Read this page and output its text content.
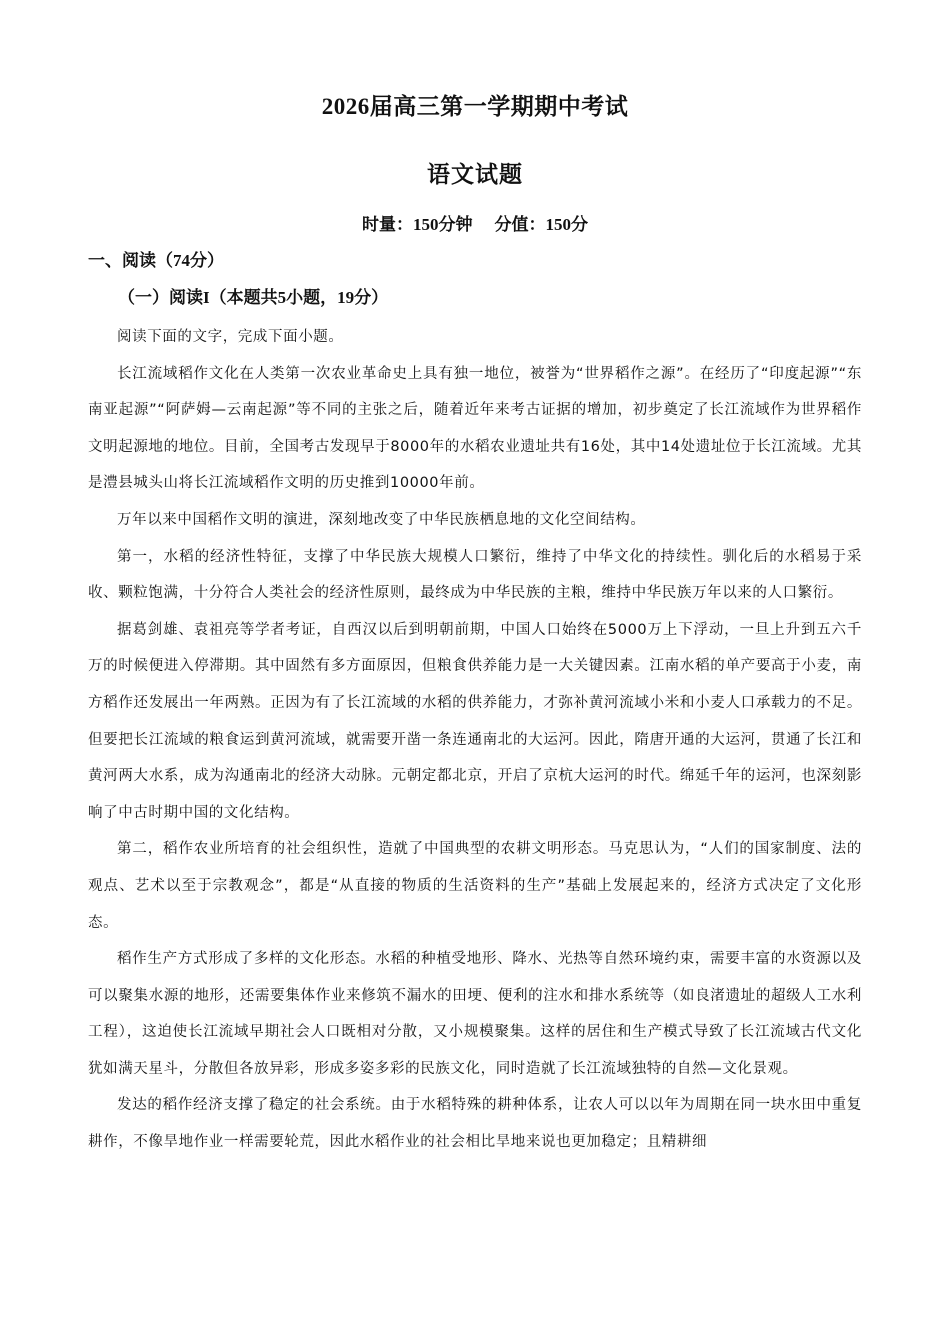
2026届高三第一学期期中考试
语文试题
时量：150分钟 分值：150分
一、阅读（74分）
（一）阅读I（本题共5小题，19分）

阅读下面的文字，完成下面小题。

长江流域稻作文化在人类第一次农业革命史上具有独一地位，被誉为“世界稻作之源”。在经历了“印度起源”“东南亚起源”“阿萨姆—云南起源”等不同的主张之后，随着近年来考古证据的增加，初步奠定了长江流域作为世界稻作文明起源地的地位。目前，全国考古发现早于8000年的水稻农业遗址共有16处，其中14处遗址位于长江流域。尤其是澧县城头山将长江流域稻作文明的历史推到10000年前。

万年以来中国稻作文明的演进，深刻地改变了中华民族栖息地的文化空间结构。

第一，水稻的经济性特征，支撑了中华民族大规模人口繁衍，维持了中华文化的持续性。驯化后的水稻易于采收、颗粒饱满，十分符合人类社会的经济性原则，最终成为中华民族的主粮，维持中华民族万年以来的人口繁衍。

据葛剑雄、袁祖亮等学者考证，自西汉以后到明朝前期，中国人口始终在5000万上下浮动，一旦上升到五六千万的时候便进入停滞期。其中固然有多方面原因，但粮食供养能力是一大关键因素。江南水稻的单产要高于小麦，南方稻作还发展出一年两熟。正因为有了长江流域的水稻的供养能力，才弥补黄河流域小米和小麦人口承载力的不足。但要把长江流域的粮食运到黄河流域，就需要开凿一条连通南北的大运河。因此，隋唐开通的大运河，贯通了长江和黄河两大水系，成为沟通南北的经济大动脉。元朝定都北京，开启了京杭大运河的时代。绵延千年的运河，也深刻影响了中古时期中国的文化结构。

第二，稻作农业所培育的社会组织性，造就了中国典型的农耕文明形态。马克思认为，“人们的国家制度、法的观点、艺术以至于宗教观念”，都是“从直接的物质的生活资料的生产”基础上发展起来的，经济方式决定了文化形态。

稻作生产方式形成了多样的文化形态。水稻的种植受地形、降水、光热等自然环境约束，需要丰富的水资源以及可以聚集水源的地形，还需要集体作业来修筑不漏水的田埂、便利的注水和排水系统等（如良渚遗址的超级人工水利工程），这迫使长江流域早期社会人口既相对分散，又小规模聚集。这样的居住和生产模式导致了长江流域古代文化犹如满天星斗，分散但各放异彩，形成多姿多彩的民族文化，同时造就了长江流域独特的自然—文化景观。

发达的稻作经济支撑了稳定的社会系统。由于水稻特殊的耕种体系，让农人可以以年为周期在同一块水田中重复耕作，不像旱地作业一样需要轮荒，因此水稻作业的社会相比旱地来说也更加稳定；且精耕细
